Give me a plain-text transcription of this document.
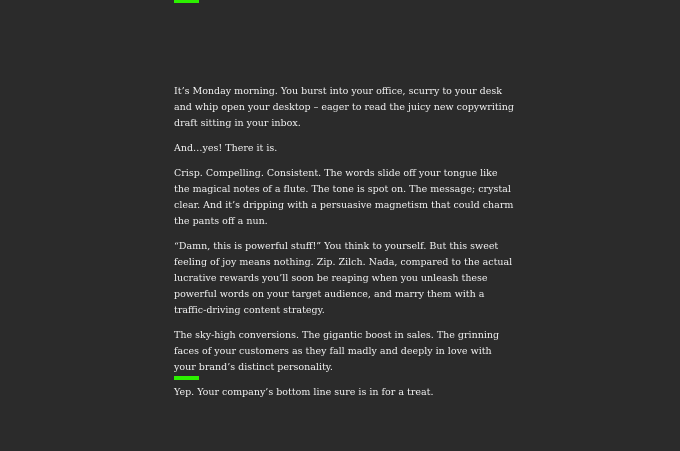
It’s Monday morning. You burst into your office, scurry to your desk and whip open your desktop – eager to read the juicy new copywriting draft sitting in your inbox.

And…yes! There it is.

Crisp. Compelling. Consistent. The words slide off your tongue like the magical notes of a flute. The tone is spot on. The message; crystal clear. And it’s dripping with a persuasive magnetism that could charm the pants off a nun.

“Damn, this is powerful stuff!” You think to yourself. But this sweet feeling of joy means nothing. Zip. Zilch. Nada, compared to the actual lucrative rewards you’ll soon be reaping when you unleash these powerful words on your target audience, and marry them with a traffic-driving content strategy.

The sky-high conversions. The gigantic boost in sales. The grinning faces of your customers as they fall madly and deeply in love with your brand’s distinct personality.

Yep. Your company’s bottom line sure is in for a treat.
